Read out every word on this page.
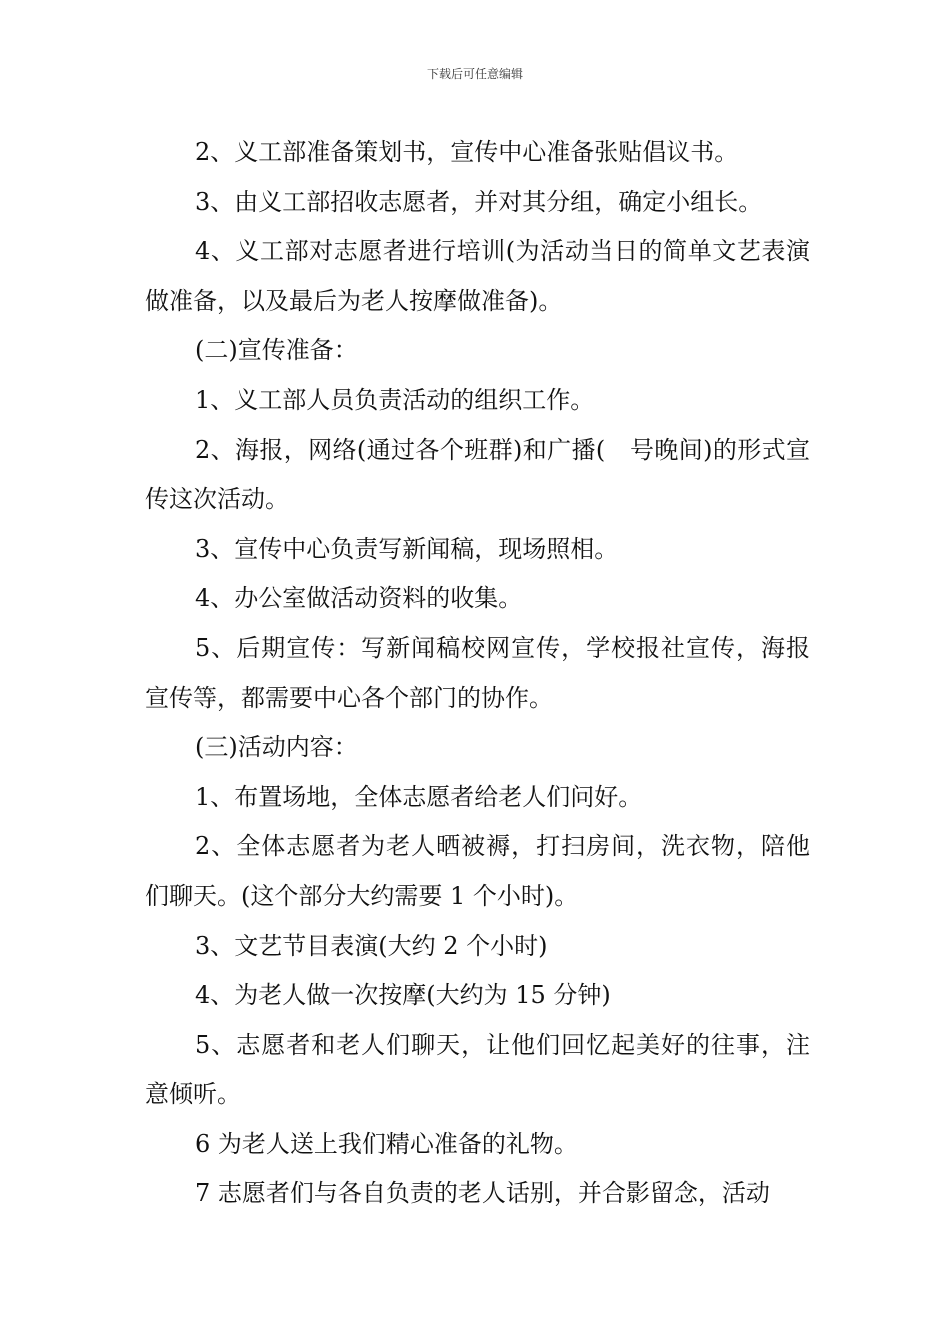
下载后可任意编辑

2、义工部准备策划书，宣传中心准备张贴倡议书。

3、由义工部招收志愿者，并对其分组，确定小组长。

4、义工部对志愿者进行培训(为活动当日的简单文艺表演做准备，以及最后为老人按摩做准备)。

(二)宣传准备：

1、义工部人员负责活动的组织工作。

2、海报，网络(通过各个班群)和广播(　号晚间)的形式宣传这次活动。

3、宣传中心负责写新闻稿，现场照相。

4、办公室做活动资料的收集。

5、后期宣传：写新闻稿校网宣传，学校报社宣传，海报宣传等，都需要中心各个部门的协作。

(三)活动内容：

1、布置场地，全体志愿者给老人们问好。

2、全体志愿者为老人晒被褥，打扫房间，洗衣物，陪他们聊天。(这个部分大约需要 1 个小时)。

3、文艺节目表演(大约 2 个小时)

4、为老人做一次按摩(大约为 15 分钟)

5、志愿者和老人们聊天，让他们回忆起美好的往事，注意倾听。

6 为老人送上我们精心准备的礼物。

7 志愿者们与各自负责的老人话别，并合影留念，活动
